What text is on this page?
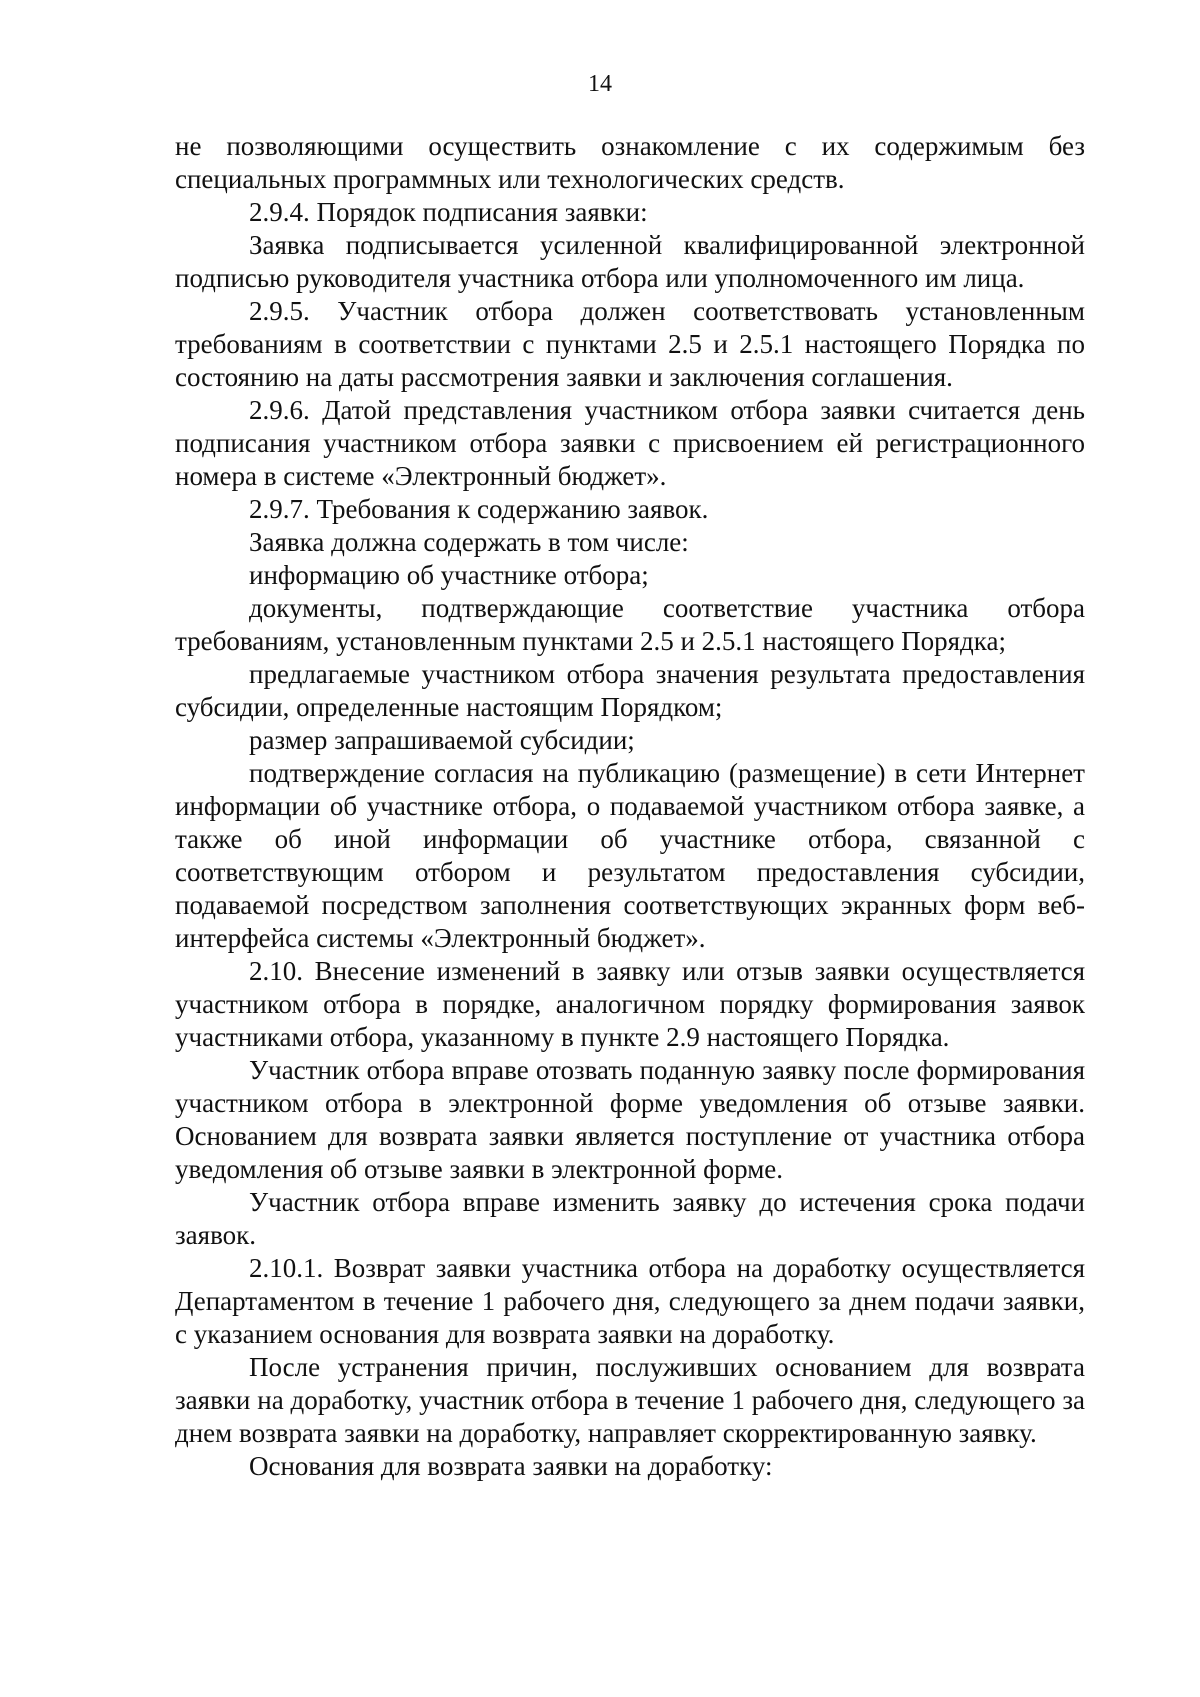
14

не позволяющими осуществить ознакомление с их содержимым без специальных программных или технологических средств.

2.9.4. Порядок подписания заявки:

Заявка подписывается усиленной квалифицированной электронной подписью руководителя участника отбора или уполномоченного им лица.

2.9.5. Участник отбора должен соответствовать установленным требованиям в соответствии с пунктами 2.5 и 2.5.1 настоящего Порядка по состоянию на даты рассмотрения заявки и заключения соглашения.

2.9.6. Датой представления участником отбора заявки считается день подписания участником отбора заявки с присвоением ей регистрационного номера в системе «Электронный бюджет».

2.9.7. Требования к содержанию заявок.

Заявка должна содержать в том числе:

информацию об участнике отбора;

документы, подтверждающие соответствие участника отбора требованиям, установленным пунктами 2.5 и 2.5.1 настоящего Порядка;

предлагаемые участником отбора значения результата предоставления субсидии, определенные настоящим Порядком;

размер запрашиваемой субсидии;

подтверждение согласия на публикацию (размещение) в сети Интернет информации об участнике отбора, о подаваемой участником отбора заявке, а также об иной информации об участнике отбора, связанной с соответствующим отбором и результатом предоставления субсидии, подаваемой посредством заполнения соответствующих экранных форм веб-интерфейса системы «Электронный бюджет».

2.10. Внесение изменений в заявку или отзыв заявки осуществляется участником отбора в порядке, аналогичном порядку формирования заявок участниками отбора, указанному в пункте 2.9 настоящего Порядка.

Участник отбора вправе отозвать поданную заявку после формирования участником отбора в электронной форме уведомления об отзыве заявки. Основанием для возврата заявки является поступление от участника отбора уведомления об отзыве заявки в электронной форме.

Участник отбора вправе изменить заявку до истечения срока подачи заявок.

2.10.1. Возврат заявки участника отбора на доработку осуществляется Департаментом в течение 1 рабочего дня, следующего за днем подачи заявки, с указанием основания для возврата заявки на доработку.

После устранения причин, послуживших основанием для возврата заявки на доработку, участник отбора в течение 1 рабочего дня, следующего за днем возврата заявки на доработку, направляет скорректированную заявку.

Основания для возврата заявки на доработку:
